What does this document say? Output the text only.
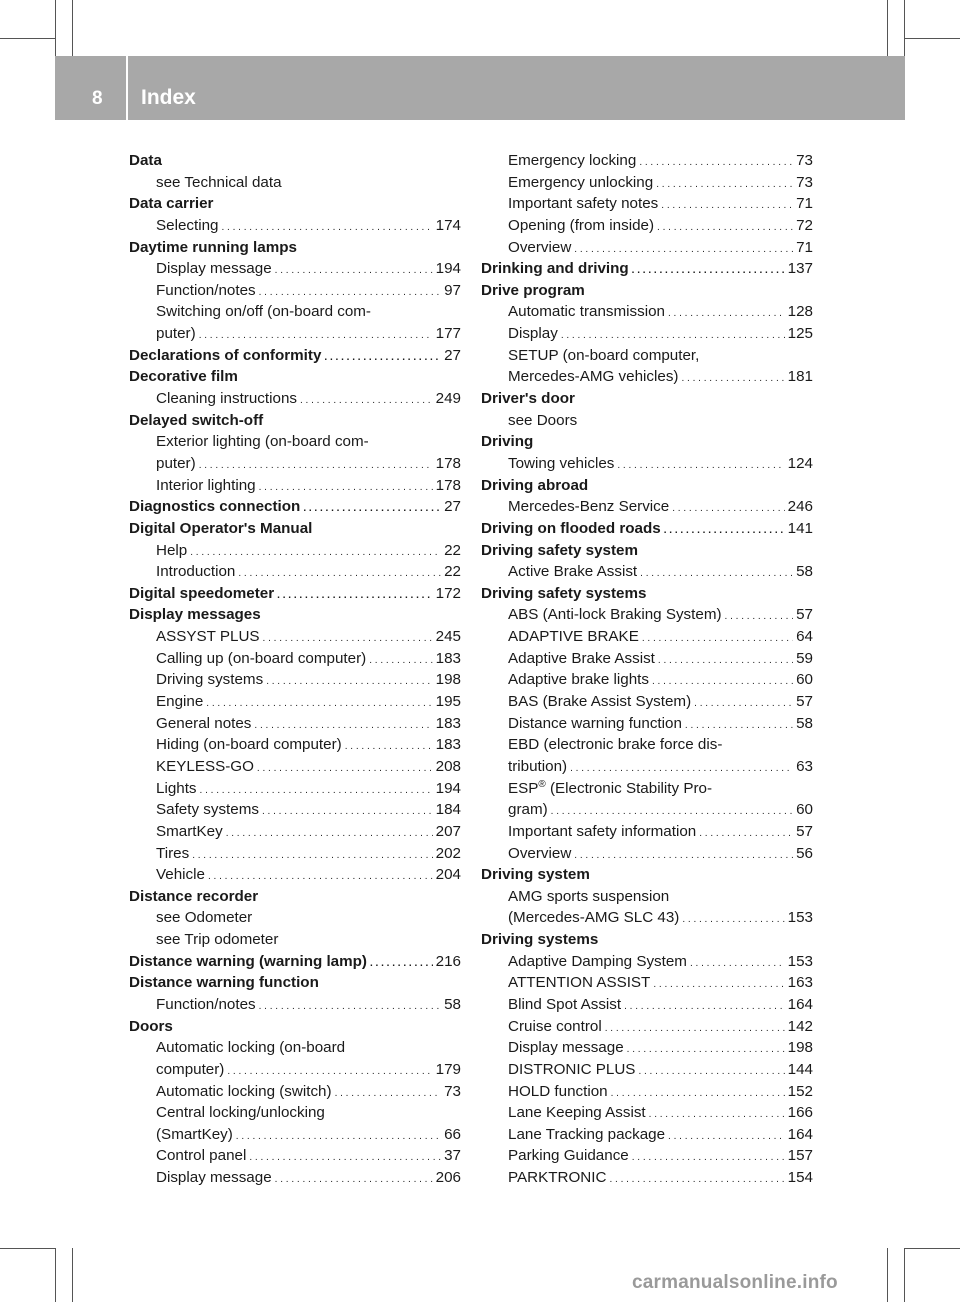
8 Index
Data
see Technical data
Data carrier
Selecting . . .	174
Daytime running lamps
Display message . . .	194
Function/notes . . .	97
Switching on/off (on-board com-
puter) . . .	177
Declarations of conformity . . .	27
Decorative film
Cleaning instructions . . .	249
Delayed switch-off
Exterior lighting (on-board com-
puter) . . .	178
Interior lighting . . .	178
Diagnostics connection . . .	27
Digital Operator's Manual
Help . . .	22
Introduction . . .	22
Digital speedometer . . .	172
Display messages
ASSYST PLUS . . .	245
Calling up (on-board computer) . . .	183
Driving systems . . .	198
Engine . . .	195
General notes . . .	183
Hiding (on-board computer) . . .	183
KEYLESS-GO . . .	208
Lights . . .	194
Safety systems . . .	184
SmartKey . . .	207
Tires . . .	202
Vehicle . . .	204
Distance recorder
see Odometer
see Trip odometer
Distance warning (warning lamp) . . .	216
Distance warning function
Function/notes . . .	58
Doors
Automatic locking (on-board
computer) . . .	179
Automatic locking (switch) . . .	73
Central locking/unlocking
(SmartKey) . . .	66
Control panel . . .	37
Display message . . .	206
Emergency locking . . .	73
Emergency unlocking . . .	73
Important safety notes . . .	71
Opening (from inside) . . .	72
Overview . . .	71
Drinking and driving . . .	137
Drive program
Automatic transmission . . .	128
Display . . .	125
SETUP (on-board computer,
Mercedes-AMG vehicles) . . .	181
Driver's door
see Doors
Driving
Towing vehicles . . .	124
Driving abroad
Mercedes-Benz Service . . .	246
Driving on flooded roads . . .	141
Driving safety system
Active Brake Assist . . .	58
Driving safety systems
ABS (Anti-lock Braking System) . . .	57
ADAPTIVE BRAKE . . .	64
Adaptive Brake Assist . . .	59
Adaptive brake lights . . .	60
BAS (Brake Assist System) . . .	57
Distance warning function . . .	58
EBD (electronic brake force dis-
tribution) . . .	63
ESP® (Electronic Stability Pro-
gram) . . .	60
Important safety information . . .	57
Overview . . .	56
Driving system
AMG sports suspension
(Mercedes-AMG SLC 43) . . .	153
Driving systems
Adaptive Damping System . . .	153
ATTENTION ASSIST . . .	163
Blind Spot Assist . . .	164
Cruise control . . .	142
Display message . . .	198
DISTRONIC PLUS . . .	144
HOLD function . . .	152
Lane Keeping Assist . . .	166
Lane Tracking package . . .	164
Parking Guidance . . .	157
PARKTRONIC . . .	154
carmanualsonline.info
